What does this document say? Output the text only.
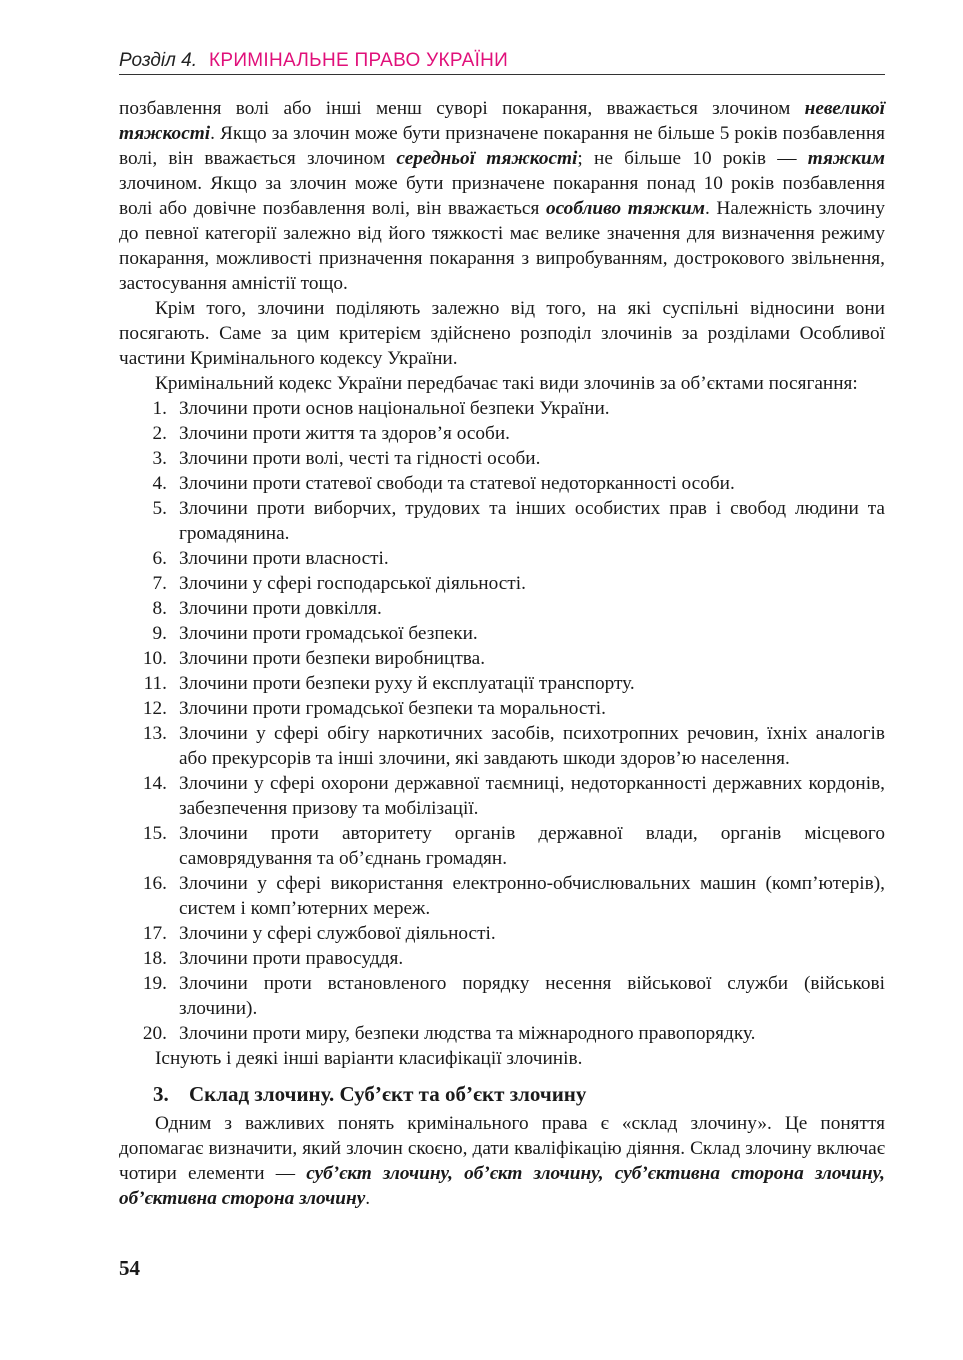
Розділ 4. КРИМІНАЛЬНЕ ПРАВО УКРАЇНИ

позбавлення волі або інші менш суворі покарання, вважається злочином невеликої тяжкості. Якщо за злочин може бути призначене покарання не більше 5 років позбавлення волі, він вважається злочином середньої тяжкості; не більше 10 років — тяжким злочином. Якщо за злочин може бути призначене покарання понад 10 років позбавлення волі або довічне позбавлення волі, він вважається особливо тяжким. Належність злочину до певної категорії залежно від його тяжкості має велике значення для визначення режиму покарання, можливості призначення покарання з випробуванням, дострокового звільнення, застосування амністії тощо.

Крім того, злочини поділяють залежно від того, на які суспільні відносини вони посягають. Саме за цим критерієм здійснено розподіл злочинів за розділами Особливої частини Кримінального кодексу України.

Кримінальний кодекс України передбачає такі види злочинів за об’єктами посягання:

1. Злочини проти основ національної безпеки України.
2. Злочини проти життя та здоров’я особи.
3. Злочини проти волі, честі та гідності особи.
4. Злочини проти статевої свободи та статевої недоторканності особи.
5. Злочини проти виборчих, трудових та інших особистих прав і свобод людини та громадянина.
6. Злочини проти власності.
7. Злочини у сфері господарської діяльності.
8. Злочини проти довкілля.
9. Злочини проти громадської безпеки.
10. Злочини проти безпеки виробництва.
11. Злочини проти безпеки руху й експлуатації транспорту.
12. Злочини проти громадської безпеки та моральності.
13. Злочини у сфері обігу наркотичних засобів, психотропних речовин, їхніх аналогів або прекурсорів та інші злочини, які завдають шкоди здоров’ю населення.
14. Злочини у сфері охорони державної таємниці, недоторканності державних кордонів, забезпечення призову та мобілізації.
15. Злочини проти авторитету органів державної влади, органів місцевого самоврядування та об’єднань громадян.
16. Злочини у сфері використання електронно-обчислювальних машин (комп’ютерів), систем і комп’ютерних мереж.
17. Злочини у сфері службової діяльності.
18. Злочини проти правосуддя.
19. Злочини проти встановленого порядку несення військової служби (військові злочини).
20. Злочини проти миру, безпеки людства та міжнародного правопорядку.

Існують і деякі інші варіанти класифікації злочинів.

3. Склад злочину. Суб’єкт та об’єкт злочину

Одним з важливих понять кримінального права є «склад злочину». Це поняття допомагає визначити, який злочин скоєно, дати кваліфікацію діяння. Склад злочину включає чотири елементи — суб’єкт злочину, об’єкт злочину, суб’єктивна сторона злочину, об’єктивна сторона злочину.

54
